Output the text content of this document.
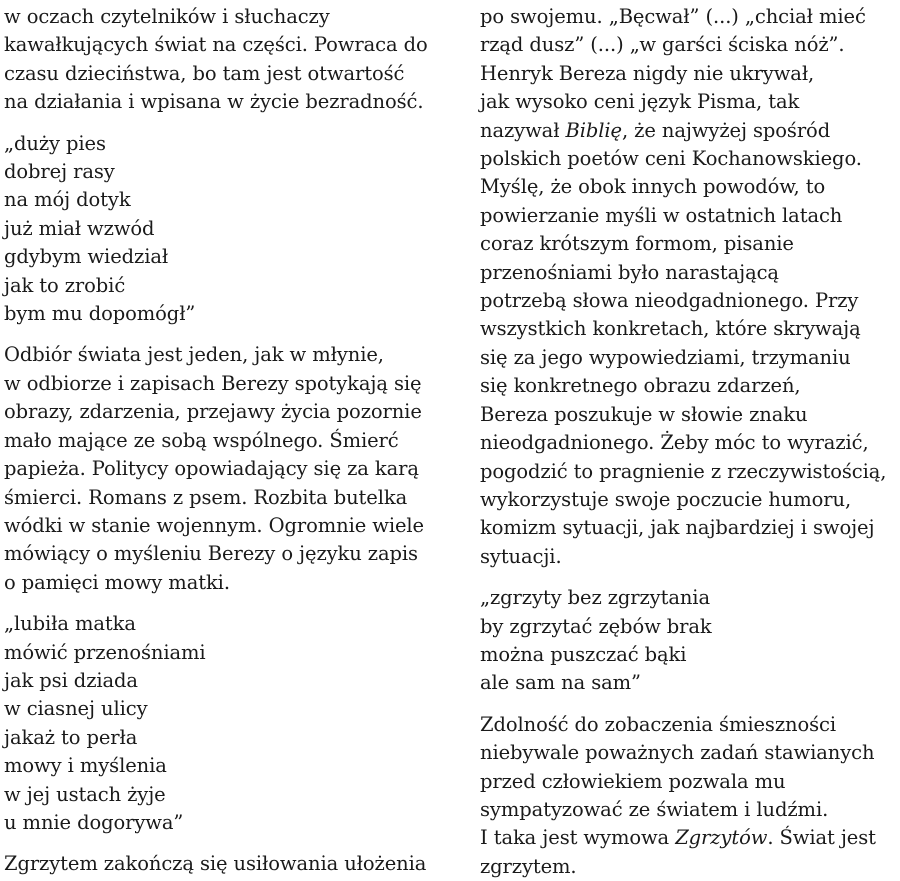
w oczach czytelników i słuchaczy
kawałkujących świat na części. Powraca do
czasu dzieciństwa, bo tam jest otwartość
na działania i wpisana w życie bezradność.

„duży pies
dobrej rasy
na mój dotyk
już miał wzwód
gdybym wiedział
jak to zrobić
bym mu dopomógł”

Odbiór świata jest jeden, jak w młynie,
w odbiorze i zapisach Berezy spotykają się
obrazy, zdarzenia, przejawy życia pozornie
mało mające ze sobą wspólnego. Śmierć
papieża. Politycy opowiadający się za karą
śmierci. Romans z psem. Rozbita butelka
wódki w stanie wojennym. Ogromnie wiele
mówiący o myśleniu Berezy o języku zapis
o pamięci mowy matki.

„lubiła matka
mówić przenośniami
jak psi dziada
w ciasnej ulicy
jakaż to perła
mowy i myślenia
w jej ustach żyje
u mnie dogorywa”

Zgrzytem zakończą się usiłowania ułożenia

po swojemu. „Bęcwał” (...) „chciał mieć
rząd dusz” (...) „w garści ściska nóż”.
Henryk Bereza nigdy nie ukrywał,
jak wysoko ceni język Pisma, tak
nazywał Biblię, że najwyżej spośród
polskich poetów ceni Kochanowskiego.
Myślę, że obok innych powodów, to
powierzanie myśli w ostatnich latach
coraz krótszym formom, pisanie
przenośniami było narastającą
potrzebą słowa nieodgadnionego. Przy
wszystkich konkretach, które skrywają
się za jego wypowiedziami, trzymaniu
się konkretnego obrazu zdarzeń,
Bereza poszukuje w słowie znaku
nieodgadnionego. Żeby móc to wyrazić,
pogodzić to pragnienie z rzeczywistością,
wykorzystuje swoje poczucie humoru,
komizm sytuacji, jak najbardziej i swojej
sytuacji.

„zgrzyty bez zgrzytania
by zgrzytać zębów brak
można puszczać bąki
ale sam na sam”

Zdolność do zobaczenia śmieszności
niebywale poważnych zadań stawianych
przed człowiekiem pozwala mu
sympatyzować ze światem i ludźmi.
I taka jest wymowa Zgrzytów. Świat jest
zgrzytem.
